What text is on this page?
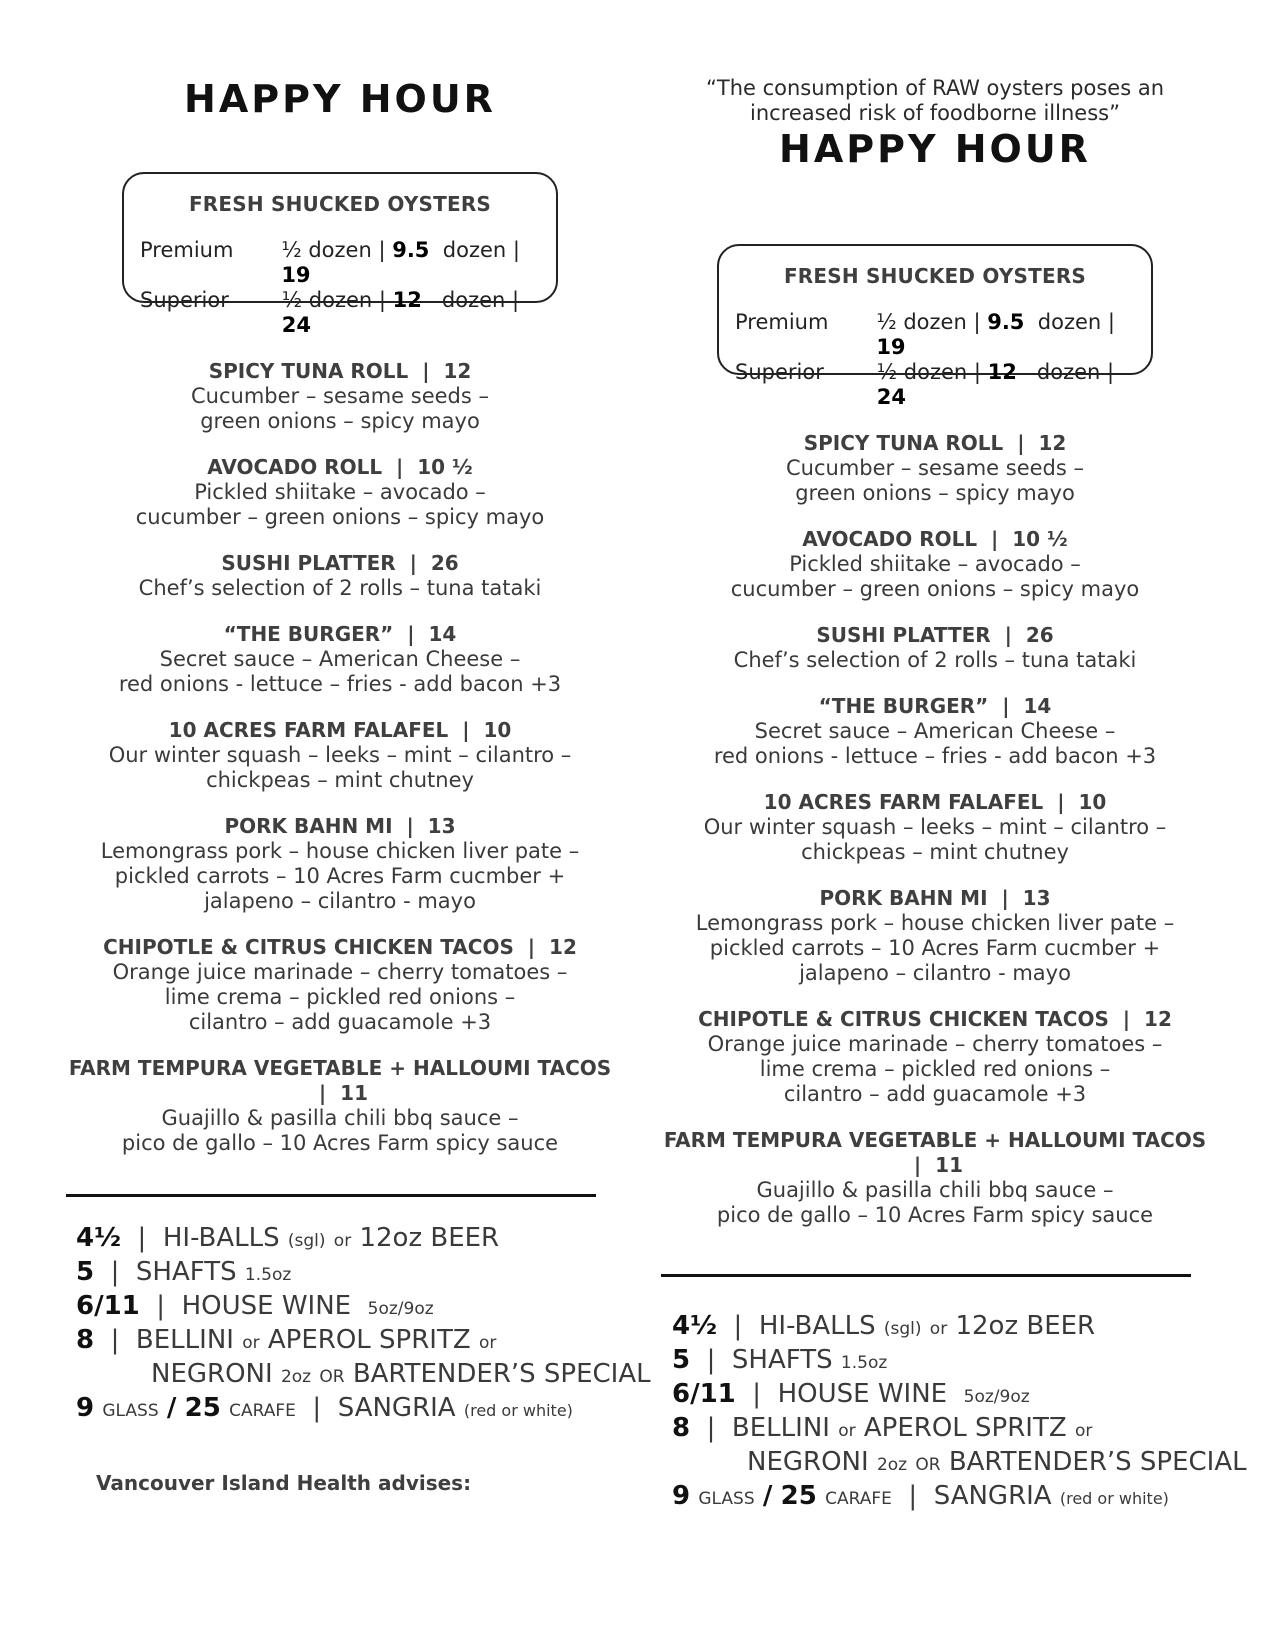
HAPPY HOUR
FRESH SHUCKED OYSTERS
Premium	½ dozen | 9.5 dozen | 19
Superior	½ dozen | 12 dozen | 24
SPICY TUNA ROLL  |  12
Cucumber – sesame seeds –
green onions – spicy mayo
AVOCADO ROLL  |  10 ½
Pickled shiitake – avocado –
cucumber – green onions – spicy mayo
SUSHI PLATTER  |  26
Chef’s selection of 2 rolls – tuna tataki
“THE BURGER”  |  14
Secret sauce – American Cheese –
red onions - lettuce – fries - add bacon +3
10 ACRES FARM FALAFEL  |  10
Our winter squash – leeks – mint – cilantro –
chickpeas – mint chutney
PORK BAHN MI  |  13
Lemongrass pork – house chicken liver pate –
pickled carrots – 10 Acres Farm cucmber +
jalapeno – cilantro - mayo
CHIPOTLE & CITRUS CHICKEN TACOS  |  12
Orange juice marinade – cherry tomatoes –
lime crema – pickled red onions –
cilantro – add guacamole +3
FARM TEMPURA VEGETABLE + HALLOUMI TACOS  |  11
Guajillo & pasilla chili bbq sauce –
pico de gallo – 10 Acres Farm spicy sauce
4½  |  HI-BALLS (sgl) or 12oz BEER
5  |  SHAFTS 1.5oz
6/11  |  HOUSE WINE 5oz/9oz
8  |  BELLINI or APEROL SPRITZ or
NEGRONI 2oz OR BARTENDER’S SPECIAL
9 GLASS / 25 CARAFE  |  SANGRIA (red or white)
Vancouver Island Health advises:
“The consumption of RAW oysters poses an
increased risk of foodborne illness”
HAPPY HOUR
FRESH SHUCKED OYSTERS
Premium	½ dozen | 9.5 dozen | 19
Superior	½ dozen | 12 dozen | 24
SPICY TUNA ROLL  |  12
Cucumber – sesame seeds –
green onions – spicy mayo
AVOCADO ROLL  |  10 ½
Pickled shiitake – avocado –
cucumber – green onions – spicy mayo
SUSHI PLATTER  |  26
Chef’s selection of 2 rolls – tuna tataki
“THE BURGER”  |  14
Secret sauce – American Cheese –
red onions - lettuce – fries - add bacon +3
10 ACRES FARM FALAFEL  |  10
Our winter squash – leeks – mint – cilantro –
chickpeas – mint chutney
PORK BAHN MI  |  13
Lemongrass pork – house chicken liver pate –
pickled carrots – 10 Acres Farm cucmber +
jalapeno – cilantro - mayo
CHIPOTLE & CITRUS CHICKEN TACOS  |  12
Orange juice marinade – cherry tomatoes –
lime crema – pickled red onions –
cilantro – add guacamole +3
FARM TEMPURA VEGETABLE + HALLOUMI TACOS  |  11
Guajillo & pasilla chili bbq sauce –
pico de gallo – 10 Acres Farm spicy sauce
4½  |  HI-BALLS (sgl) or 12oz BEER
5  |  SHAFTS 1.5oz
6/11  |  HOUSE WINE 5oz/9oz
8  |  BELLINI or APEROL SPRITZ or
NEGRONI 2oz OR BARTENDER’S SPECIAL
9 GLASS / 25 CARAFE  |  SANGRIA (red or white)
